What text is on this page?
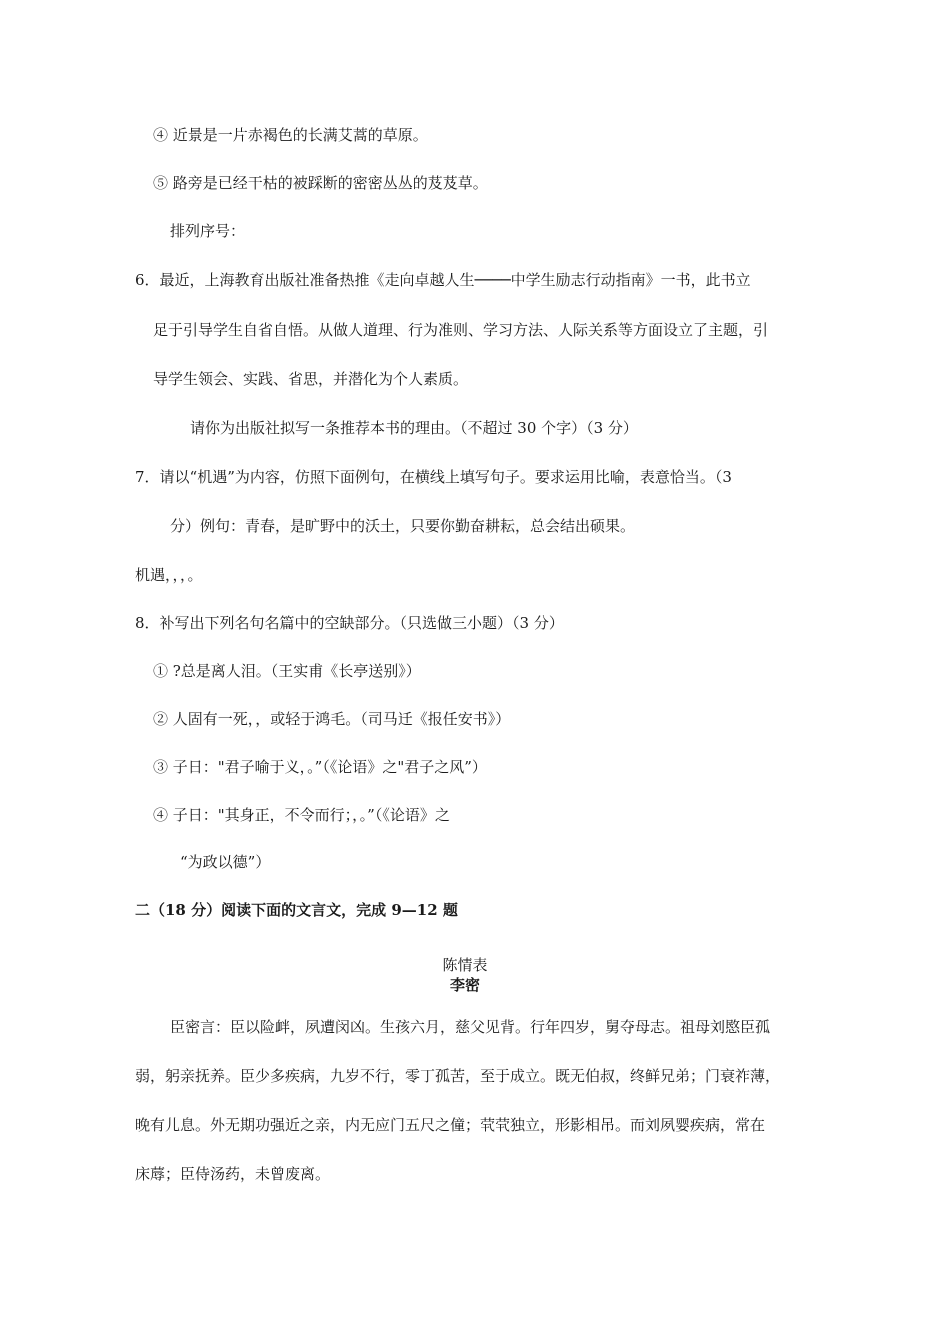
④ 近景是一片赤褐色的长满艾蒿的草原。
⑤ 路旁是已经干枯的被踩断的密密丛丛的芨芨草。
排列序号：
6．最近，上海教育出版社准备热推《走向卓越人生────中学生励志行动指南》一书，此书立
足于引导学生自省自悟。从做人道理、行为准则、学习方法、人际关系等方面设立了主题，引
导学生领会、实践、省思，并潜化为个人素质。
请你为出版社拟写一条推荐本书的理由。（不超过 30 个字）（3 分）
7．请以“机遇”为内容，仿照下面例句，在横线上填写句子。要求运用比喻，表意恰当。（3
分）例句：青春，是旷野中的沃土，只要你勤奋耕耘，总会结出硕果。
机遇，，，。
8．补写出下列名句名篇中的空缺部分。（只选做三小题）（3 分）
① ?总是离人泪。（王实甫《长亭送别》）
② 人固有一死，，或轻于鸿毛。（司马迁《报任安书》）
③ 子日："君子喻于义，。”（《论语》之"君子之风”）
④ 子日："其身正，不令而行；，。”（《论语》之
“为政以德”）
二（18 分）阅读下面的文言文，完成 9—12 题
陈情表
李密
臣密言：臣以险衅，夙遭闵凶。生孩六月，慈父见背。行年四岁，舅夺母志。祖母刘愍臣孤
弱，躬亲抚养。臣少多疾病，九岁不行，零丁孤苦，至于成立。既无伯叔，终鲜兄弟；门衰祚薄，
晚有儿息。外无期功强近之亲，内无应门五尺之僮；茕茕独立，形影相吊。而刘夙婴疾病，常在
床蓐；臣侍汤药，未曾废离。
